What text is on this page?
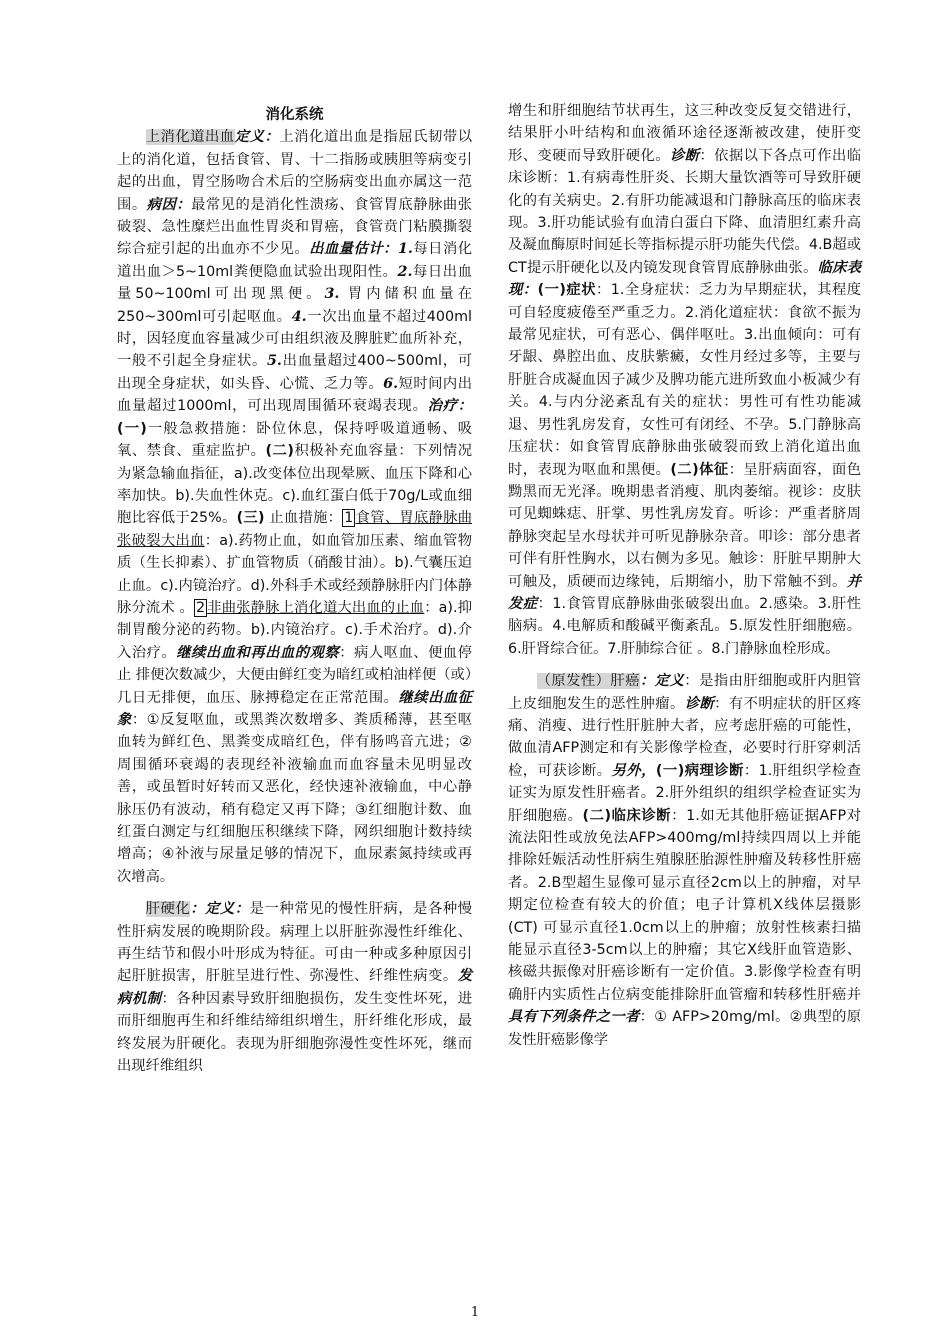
消化系统

上消化道出血定义：上消化道出血是指屈氏韧带以上的消化道，包括食管、胃、十二指肠或胰胆等病变引起的出血，胃空肠吻合术后的空肠病变出血亦属这一范围。病因：最常见的是消化性溃疡、食管胃底静脉曲张破裂、急性糜烂出血性胃炎和胃癌，食管贲门粘膜撕裂综合症引起的出血亦不少见。出血量估计：1.每日消化道出血＞5~10ml粪便隐血试验出现阳性。2.每日出血量50~100ml可出现黑便。3. 胃内储积血量在250~300ml可引起呕血。4.一次出血量不超过400ml时，因轻度血容量减少可由组织液及脾脏贮血所补充，一般不引起全身症状。5.出血量超过400~500ml，可出现全身症状，如头昏、心慌、乏力等。6.短时间内出血量超过1000ml，可出现周围循环衰竭表现。治疗：(一)一般急救措施：卧位休息，保持呼吸道通畅、吸氧、禁食、重症监护。(二)积极补充血容量：下列情况为紧急输血指征，a).改变体位出现晕厥、血压下降和心率加快。b).失血性休克。c).血红蛋白低于70g/L或血细胞比容低于25%。(三) 止血措施： 1 食管、胃底静脉曲张破裂大出血：a).药物止血，如血管加压素、缩血管物质（生长抑素）、扩血管物质（硝酸甘油）。b).气囊压迫止血。c).内镜治疗。d).外科手术或经颈静脉肝内门体静脉分流术 。 2 非曲张静脉上消化道大出血的止血：a).抑制胃酸分泌的药物。b).内镜治疗。c).手术治疗。d).介入治疗。继续出血和再出血的观察：病人呕血、便血停止 排便次数减少，大便由鲜红变为暗红或柏油样便（或）几日无排便，血压、脉搏稳定在正常范围。继续出血征象：①反复呕血，或黑粪次数增多、粪质稀薄，甚至呕血转为鲜红色、黑粪变成暗红色，伴有肠鸣音亢进；②周围循环衰竭的表现经补液输血而血容量未见明显改善，或虽暂时好转而又恶化，经快速补液输血，中心静脉压仍有波动，稍有稳定又再下降；③红细胞计数、血红蛋白测定与红细胞压积继续下降，网织细胞计数持续增高；④补液与尿量足够的情况下，血尿素氮持续或再次增高。

肝硬化：定义：是一种常见的慢性肝病，是各种慢性肝病发展的晚期阶段。病理上以肝脏弥漫性纤维化、再生结节和假小叶形成为特征。可由一种或多种原因引起肝脏损害，肝脏呈进行性、弥漫性、纤维性病变。发病机制：各种因素导致肝细胞损伤，发生变性坏死，进而肝细胞再生和纤维结缔组织增生，肝纤维化形成，最终发展为肝硬化。表现为肝细胞弥漫性变性坏死，继而出现纤维组织

增生和肝细胞结节状再生，这三种改变反复交错进行，结果肝小叶结构和血液循环途径逐渐被改建，使肝变形、变硬而导致肝硬化。诊断：依据以下各点可作出临床诊断：1.有病毒性肝炎、长期大量饮酒等可导致肝硬化的有关病史。2.有肝功能减退和门静脉高压的临床表现。3.肝功能试验有血清白蛋白下降、血清胆红素升高及凝血酶原时间延长等指标提示肝功能失代偿。4.B超或CT提示肝硬化以及内镜发现食管胃底静脉曲张。临床表现：(一)症状：1.全身症状：乏力为早期症状，其程度可自轻度疲倦至严重乏力。2.消化道症状：食欲不振为最常见症状，可有恶心、偶伴呕吐。3.出血倾向：可有牙龈、鼻腔出血、皮肤紫癜，女性月经过多等，主要与肝脏合成凝血因子减少及脾功能亢进所致血小板减少有关。4.与内分泌紊乱有关的症状：男性可有性功能减退、男性乳房发育，女性可有闭经、不孕。5.门静脉高压症状：如食管胃底静脉曲张破裂而致上消化道出血时，表现为呕血和黑便。(二)体征：呈肝病面容，面色黝黑而无光泽。晚期患者消瘦、肌肉萎缩。视诊：皮肤可见蜘蛛痣、肝掌、男性乳房发育。听诊：严重者脐周静脉突起呈水母状并可听见静脉杂音。叩诊：部分患者可伴有肝性胸水，以右侧为多见。触诊：肝脏早期肿大可触及，质硬而边缘钝，后期缩小，肋下常触不到。并发症：1.食管胃底静脉曲张破裂出血。2.感染。3.肝性脑病。4.电解质和酸碱平衡紊乱。5.原发性肝细胞癌。6.肝肾综合征。7.肝肺综合征 。8.门静脉血栓形成。

（原发性）肝癌：定义：是指由肝细胞或肝内胆管上皮细胞发生的恶性肿瘤。诊断：有不明症状的肝区疼痛、消瘦、进行性肝脏肿大者，应考虑肝癌的可能性，做血清AFP测定和有关影像学检查，必要时行肝穿刺活检，可获诊断。另外，(一)病理诊断：1.肝组织学检查证实为原发性肝癌者。2.肝外组织的组织学检查证实为肝细胞癌。(二)临床诊断：1.如无其他肝癌证据AFP对流法阳性或放免法AFP>400mg/ml持续四周以上并能排除妊娠活动性肝病生殖腺胚胎源性肿瘤及转移性肝癌者。2.B型超生显像可显示直径2cm以上的肿瘤，对早期定位检查有较大的价值；电子计算机X线体层摄影(CT) 可显示直径1.0cm以上的肿瘤；放射性核素扫描 能显示直径3-5cm以上的肿瘤；其它X线肝血管造影、核磁共振像对肝癌诊断有一定价值。3.影像学检查有明确肝内实质性占位病变能排除肝血管瘤和转移性肝癌并具有下列条件之一者：① AFP>20mg/ml。②典型的原发性肝癌影像学

1
